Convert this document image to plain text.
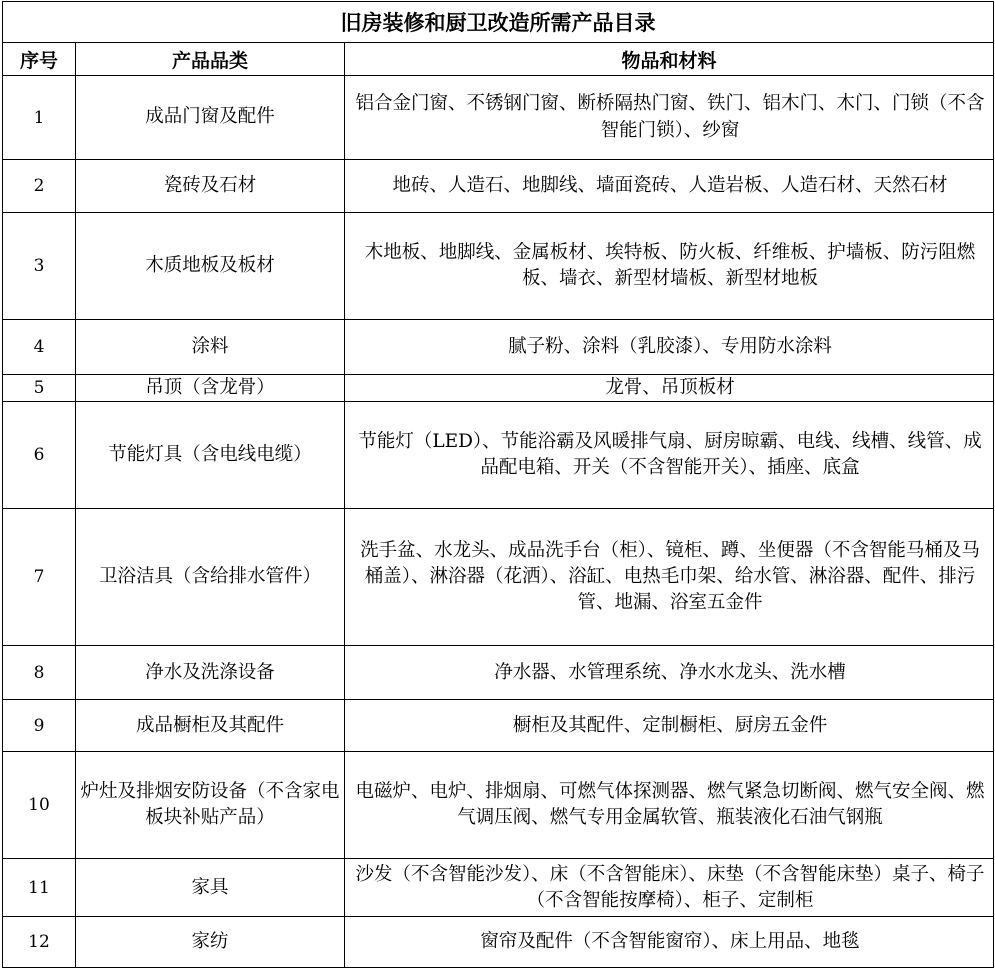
旧房装修和厨卫改造所需产品目录		
序号	产品品类	物品和材料
1	成品门窗及配件	铝合金门窗、不锈钢门窗、断桥隔热门窗、铁门、铝木门、木门、门锁（不含智能门锁）、纱窗
2	瓷砖及石材	地砖、人造石、地脚线、墙面瓷砖、人造岩板、人造石材、天然石材
3	木质地板及板材	木地板、地脚线、金属板材、埃特板、防火板、纤维板、护墙板、防污阻燃板、墙衣、新型材墙板、新型材地板
4	涂料	腻子粉、涂料（乳胶漆）、专用防水涂料
5	吊顶（含龙骨）	龙骨、吊顶板材
6	节能灯具（含电线电缆）	节能灯（LED）、节能浴霸及风暖排气扇、厨房晾霸、电线、线槽、线管、成品配电箱、开关（不含智能开关）、插座、底盒
7	卫浴洁具（含给排水管件）	洗手盆、水龙头、成品洗手台（柜）、镜柜、蹲、坐便器（不含智能马桶及马桶盖）、淋浴器（花洒）、浴缸、电热毛巾架、给水管、淋浴器、配件、排污管、地漏、浴室五金件
8	净水及洗涤设备	净水器、水管理系统、净水水龙头、洗水槽
9	成品橱柜及其配件	橱柜及其配件、定制橱柜、厨房五金件
10	炉灶及排烟安防设备（不含家电板块补贴产品）	电磁炉、电炉、排烟扇、可燃气体探测器、燃气紧急切断阀、燃气安全阀、燃气调压阀、燃气专用金属软管、瓶装液化石油气钢瓶
11	家具	沙发（不含智能沙发）、床（不含智能床）、床垫（不含智能床垫）桌子、椅子（不含智能按摩椅）、柜子、定制柜
12	家纺	窗帘及配件（不含智能窗帘）、床上用品、地毯
